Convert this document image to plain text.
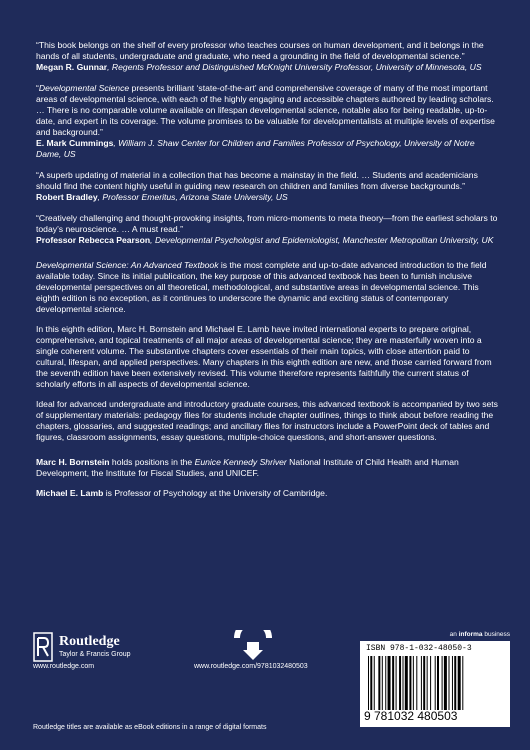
“This book belongs on the shelf of every professor who teaches courses on human development, and it belongs in the hands of all students, undergraduate and graduate, who need a grounding in the field of developmental science.”
Megan R. Gunnar, Regents Professor and Distinguished McKnight University Professor, University of Minnesota, US
“Developmental Science presents brilliant ‘state-of-the-art’ and comprehensive coverage of many of the most important areas of developmental science, with each of the highly engaging and accessible chapters authored by leading scholars. … There is no comparable volume available on lifespan developmental science, notable also for being readable, up-to-date, and expert in its coverage. The volume promises to be valuable for developmentalists at multiple levels of expertise and background.”
E. Mark Cummings, William J. Shaw Center for Children and Families Professor of Psychology, University of Notre Dame, US
“A superb updating of material in a collection that has become a mainstay in the field. … Students and academicians should find the content highly useful in guiding new research on children and families from diverse backgrounds.”
Robert Bradley, Professor Emeritus, Arizona State University, US
“Creatively challenging and thought-provoking insights, from micro-moments to meta theory—from the earliest scholars to today’s neuroscience. … A must read.”
Professor Rebecca Pearson, Developmental Psychologist and Epidemiologist, Manchester Metropolitan University, UK

Developmental Science: An Advanced Textbook is the most complete and up-to-date advanced introduction to the field available today. Since its initial publication, the key purpose of this advanced textbook has been to furnish inclusive developmental perspectives on all theoretical, methodological, and substantive areas in developmental science. This eighth edition is no exception, as it continues to underscore the dynamic and exciting status of contemporary developmental science.

In this eighth edition, Marc H. Bornstein and Michael E. Lamb have invited international experts to prepare original, comprehensive, and topical treatments of all major areas of developmental science; they are masterfully woven into a single coherent volume. The substantive chapters cover essentials of their main topics, with close attention paid to cultural, lifespan, and applied perspectives. Many chapters in this eighth edition are new, and those carried forward from the seventh edition have been extensively revised. This volume therefore represents faithfully the current status of scholarly efforts in all aspects of developmental science.

Ideal for advanced undergraduate and introductory graduate courses, this advanced textbook is accompanied by two sets of supplementary materials: pedagogy files for students include chapter outlines, things to think about before reading the chapters, glossaries, and suggested readings; and ancillary files for instructors include a PowerPoint deck of tables and figures, classroom assignments, essay questions, multiple-choice questions, and short-answer questions.

Marc H. Bornstein holds positions in the Eunice Kennedy Shriver National Institute of Child Health and Human Development, the Institute for Fiscal Studies, and UNICEF.

Michael E. Lamb is Professor of Psychology at the University of Cambridge.

Routledge
Taylor & Francis Group
www.routledge.com	www.routledge.com/9781032480503
an informa business
ISBN 978-1-032-48050-3
9 781032 480503
Routledge titles are available as eBook editions in a range of digital formats
